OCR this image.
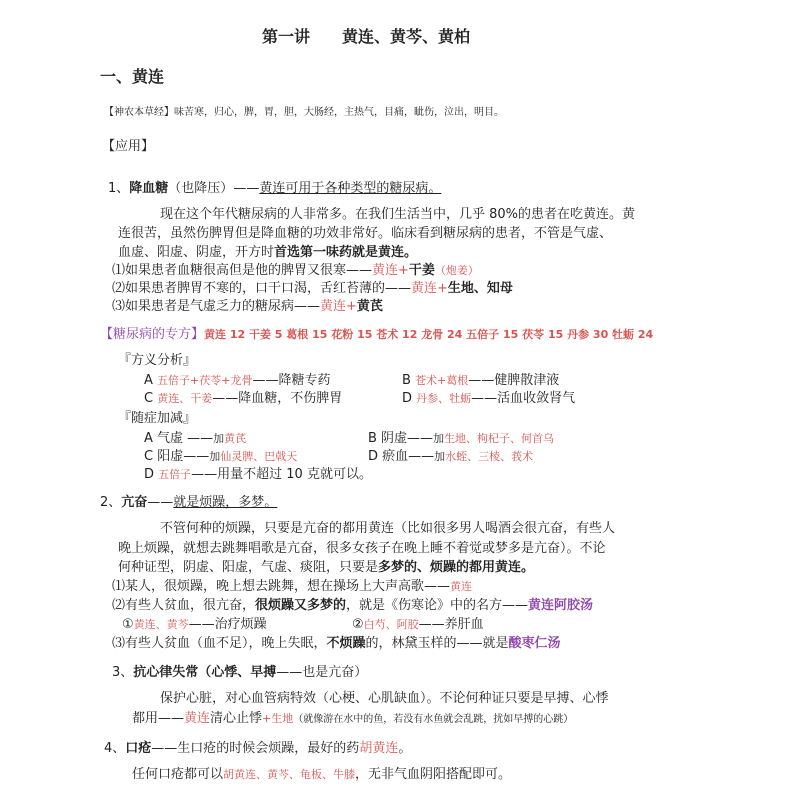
第一讲 黄连、黄芩、黄柏
一、黄连
【神农本草经】味苦寒，归心，脾，胃，胆，大肠经，主热气，目痛，眦伤，泣出，明目。
【应用】
1、降血糖（也降压）——黄连可用于各种类型的糖尿病。
现在这个年代糖尿病的人非常多。在我们生活当中，几乎 80%的患者在吃黄连。黄
连很苦，虽然伤脾胃但是降血糖的功效非常好。临床看到糖尿病的患者，不管是气虚、
血虚、阳虚、阴虚，开方时首选第一味药就是黄连。
⑴如果患者血糖很高但是他的脾胃又很寒——黄连+干姜（炮姜）
⑵如果患者脾胃不寒的，口干口渴，舌红苔薄的——黄连+生地、知母
⑶如果患者是气虚乏力的糖尿病——黄连+黄芪
【糖尿病的专方】黄连 12 干姜 5 葛根 15 花粉 15 苍术 12 龙骨 24 五倍子 15 茯苓 15 丹参 30 牡蛎 24
『方义分析』
A 五倍子+茯苓+龙骨——降糖专药	B 苍术+葛根——健脾散津液
C 黄连、干姜——降血糖，不伤脾胃	D 丹参、牡蛎——活血收敛肾气
『随症加减』
A 气虚 ——加黄芪	B 阴虚——加生地、枸杞子、何首乌
C 阳虚——加仙灵脾、巴戟天	D 瘀血——加水蛭、三棱、莪术
D 五倍子——用量不超过 10 克就可以。
2、亢奋——就是烦躁，多梦。
不管何种的烦躁，只要是亢奋的都用黄连（比如很多男人喝酒会很亢奋，有些人
晚上烦躁，就想去跳舞唱歌是亢奋，很多女孩子在晚上睡不着觉或梦多是亢奋）。不论
何种证型，阴虚、阳虚，气虚、痰阻，只要是多梦的、烦躁的都用黄连。
⑴某人，很烦躁，晚上想去跳舞，想在操场上大声高歌——黄连
⑵有些人贫血，很亢奋，很烦躁又多梦的，就是《伤寒论》中的名方——黄连阿胶汤
①黄连、黄芩——治疗烦躁	②白芍、阿胶——养肝血
⑶有些人贫血（血不足），晚上失眠，不烦躁的，林黛玉样的——就是酸枣仁汤
3、抗心律失常（心悸、早搏——也是亢奋）
保护心脏，对心血管病特效（心梗、心肌缺血）。不论何种证只要是早搏、心悸
都用——黄连清心止悸+生地（就像游在水中的鱼，若没有水鱼就会乱跳，扰如早搏的心跳）
4、口疮——生口疮的时候会烦躁，最好的药胡黄连。
任何口疮都可以胡黄连、黄芩、龟板、牛膝，无非气血阴阳搭配即可。
